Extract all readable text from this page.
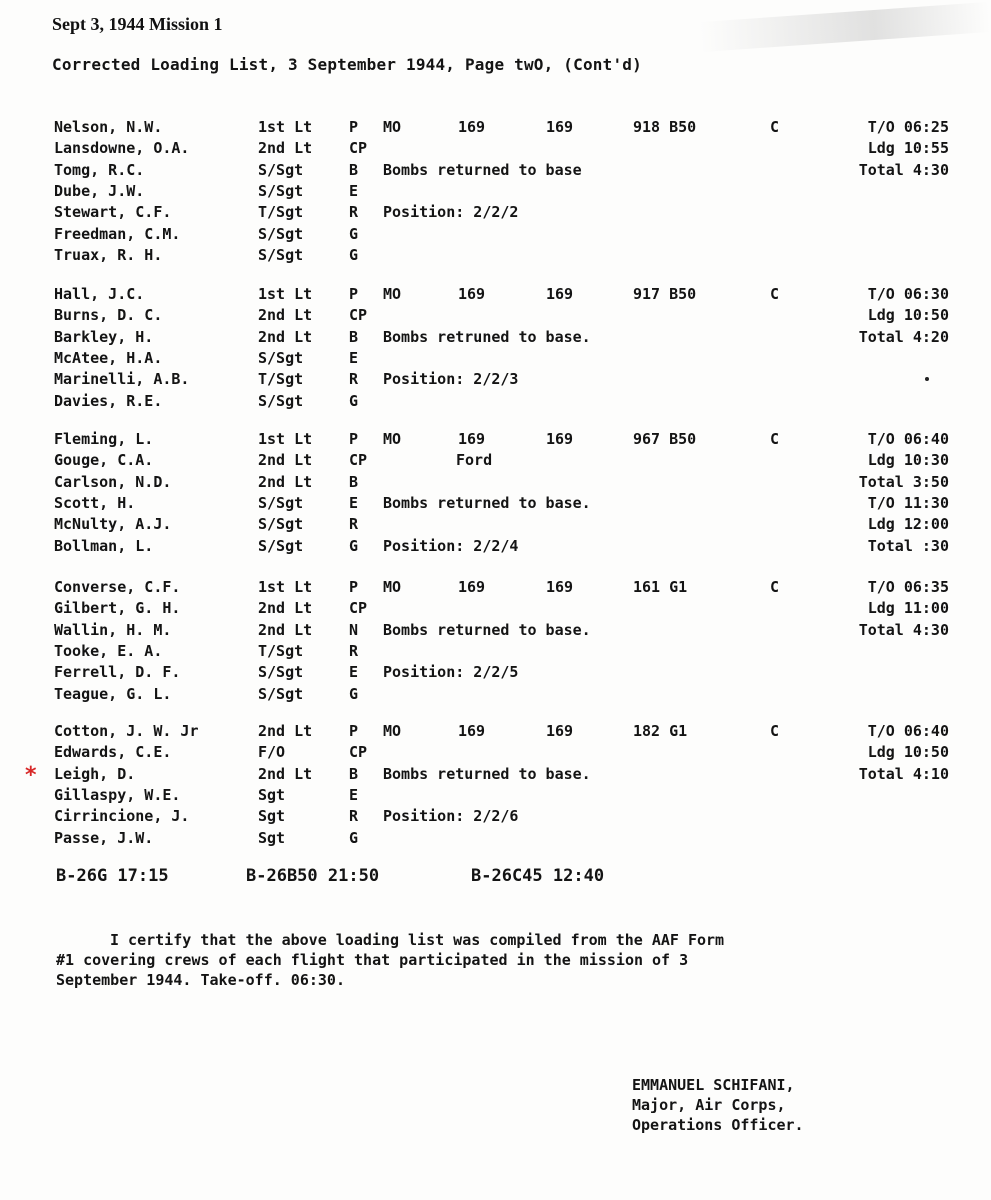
Sept 3, 1944 Mission 1
Corrected Loading List, 3 September 1944, Page twO, (Cont'd)
Nelson, N.W.	1st Lt P MO	169	169	918 B50	C	T/O 06:25
Lansdowne, O.A.	2nd Lt CP	Ldg 10:55
Tomg, R.C.	S/Sgt	B Bombs returned to base	Total 4:30
Dube, J.W.	S/Sgt	E
Stewart, C.F.	T/Sgt	R Position: 2/2/2
Freedman, C.M.	S/Sgt	G
Truax, R. H.	S/Sgt	G
Hall, J.C.	1st Lt P MO	169	169	917 B50	C	T/O 06:30
Burns, D. C.	2nd Lt CP	Ldg 10:50
Barkley, H.	2nd Lt B Bombs retruned to base.	Total 4:20
McAtee, H.A.	S/Sgt	E
Marinelli, A.B.	T/Sgt	R Position: 2/2/3
Davies, R.E.	S/Sgt	G
Fleming, L.	1st Lt P MO	169	169	967 B50	C	T/O 06:40
Gouge, C.A.	2nd Lt CP	Ford	Ldg 10:30
Carlson, N.D.	2nd Lt B	Total 3:50
Scott, H.	S/Sgt	E Bombs returned to base.	T/O 11:30
McNulty, A.J.	S/Sgt	R	Ldg 12:00
Bollman, L.	S/Sgt	G Position: 2/2/4	Total :30
Converse, C.F.	1st Lt P MO	169	169	161 G1	C	T/O 06:35
Gilbert, G. H.	2nd Lt CP	Ldg 11:00
Wallin, H. M.	2nd Lt N Bombs returned to base.	Total 4:30
Tooke, E. A.	T/Sgt	R
Ferrell, D. F.	S/Sgt	E Position: 2/2/5
Teague, G. L.	S/Sgt	G
Cotton, J. W. Jr	2nd Lt P MO	169	169	182 G1	C	T/O 06:40
Edwards, C.E.	F/O	CP	Ldg 10:50
Leigh, D.	2nd Lt B Bombs returned to base.	Total 4:10
*
Gillaspy, W.E.	Sgt	E
Cirrincione, J.	Sgt	R Position: 2/2/6
Passe, J.W.	Sgt	G
B-26G 17:15	B-26B50 21:50	B-26C45 12:40
I certify that the above loading list was compiled from the AAF Form
#1 covering crews of each flight that participated in the mission of 3
September 1944. Take-off. 06:30.
EMMANUEL SCHIFANI,
Major, Air Corps,
Operations Officer.
